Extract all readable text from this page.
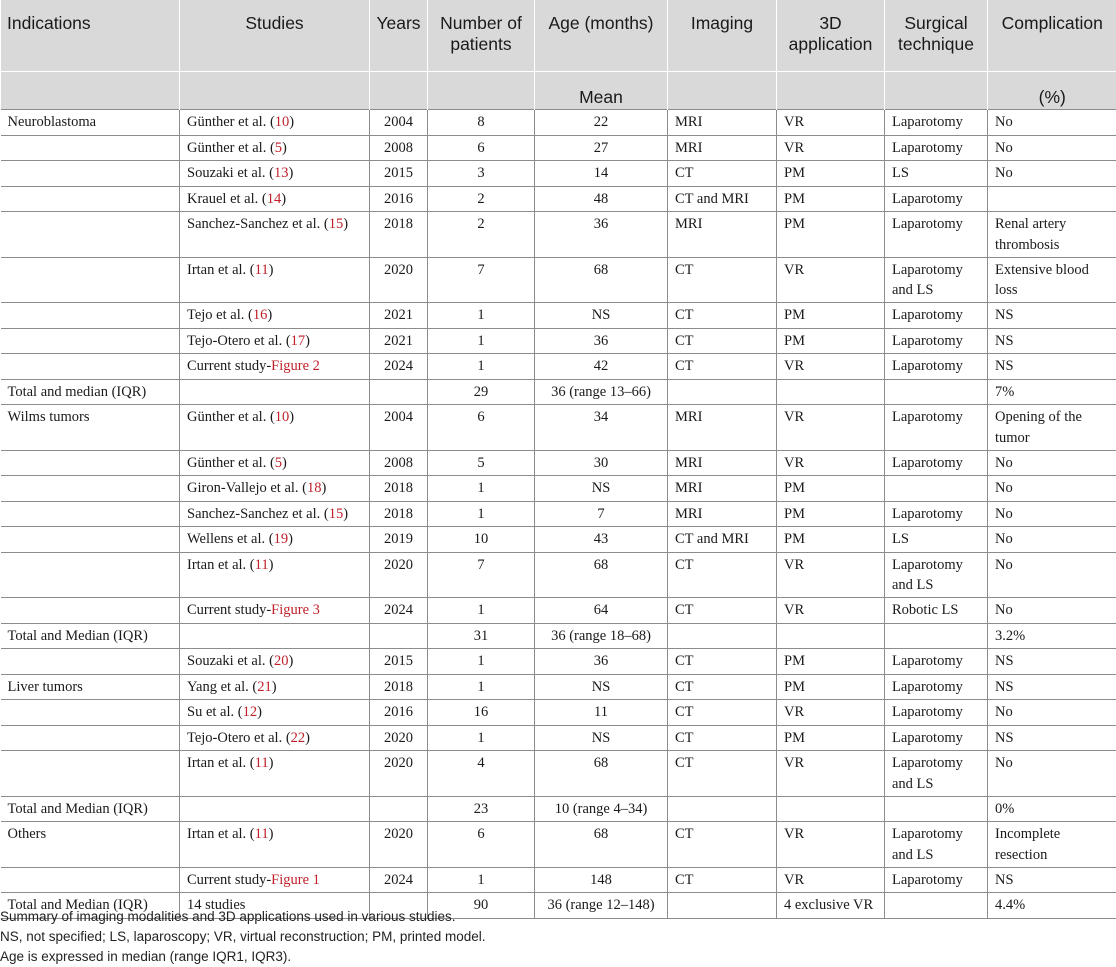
Indications	Studies	Years	Number of patients	Age (months)	Imaging	3D application	Surgical technique	Complication
				Mean				(%)
Neuroblastoma	Günther et al. (10)	2004	8	22	MRI	VR	Laparotomy	No
	Günther et al. (5)	2008	6	27	MRI	VR	Laparotomy	No
	Souzaki et al. (13)	2015	3	14	CT	PM	LS	No
	Krauel et al. (14)	2016	2	48	CT and MRI	PM	Laparotomy	
	Sanchez-Sanchez et al. (15)	2018	2	36	MRI	PM	Laparotomy	Renal artery thrombosis
	Irtan et al. (11)	2020	7	68	CT	VR	Laparotomy and LS	Extensive blood loss
	Tejo et al. (16)	2021	1	NS	CT	PM	Laparotomy	NS
	Tejo-Otero et al. (17)	2021	1	36	CT	PM	Laparotomy	NS
	Current study-Figure 2	2024	1	42	CT	VR	Laparotomy	NS
Total and median (IQR)			29	36 (range 13–66)				7%
Wilms tumors	Günther et al. (10)	2004	6	34	MRI	VR	Laparotomy	Opening of the tumor
	Günther et al. (5)	2008	5	30	MRI	VR	Laparotomy	No
	Giron-Vallejo et al. (18)	2018	1	NS	MRI	PM		No
	Sanchez-Sanchez et al. (15)	2018	1	7	MRI	PM	Laparotomy	No
	Wellens et al. (19)	2019	10	43	CT and MRI	PM	LS	No
	Irtan et al. (11)	2020	7	68	CT	VR	Laparotomy and LS	No
	Current study-Figure 3	2024	1	64	CT	VR	Robotic LS	No
Total and Median (IQR)			31	36 (range 18–68)				3.2%
	Souzaki et al. (20)	2015	1	36	CT	PM	Laparotomy	NS
Liver tumors	Yang et al. (21)	2018	1	NS	CT	PM	Laparotomy	NS
	Su et al. (12)	2016	16	11	CT	VR	Laparotomy	No
	Tejo-Otero et al. (22)	2020	1	NS	CT	PM	Laparotomy	NS
	Irtan et al. (11)	2020	4	68	CT	VR	Laparotomy and LS	No
Total and Median (IQR)			23	10 (range 4–34)				0%
Others	Irtan et al. (11)	2020	6	68	CT	VR	Laparotomy and LS	Incomplete resection
	Current study-Figure 1	2024	1	148	CT	VR	Laparotomy	NS
Total and Median (IQR)	14 studies		90	36 (range 12–148)		4 exclusive VR		4.4%
Summary of imaging modalities and 3D applications used in various studies.
NS, not specified; LS, laparoscopy; VR, virtual reconstruction; PM, printed model.
Age is expressed in median (range IQR1, IQR3).
